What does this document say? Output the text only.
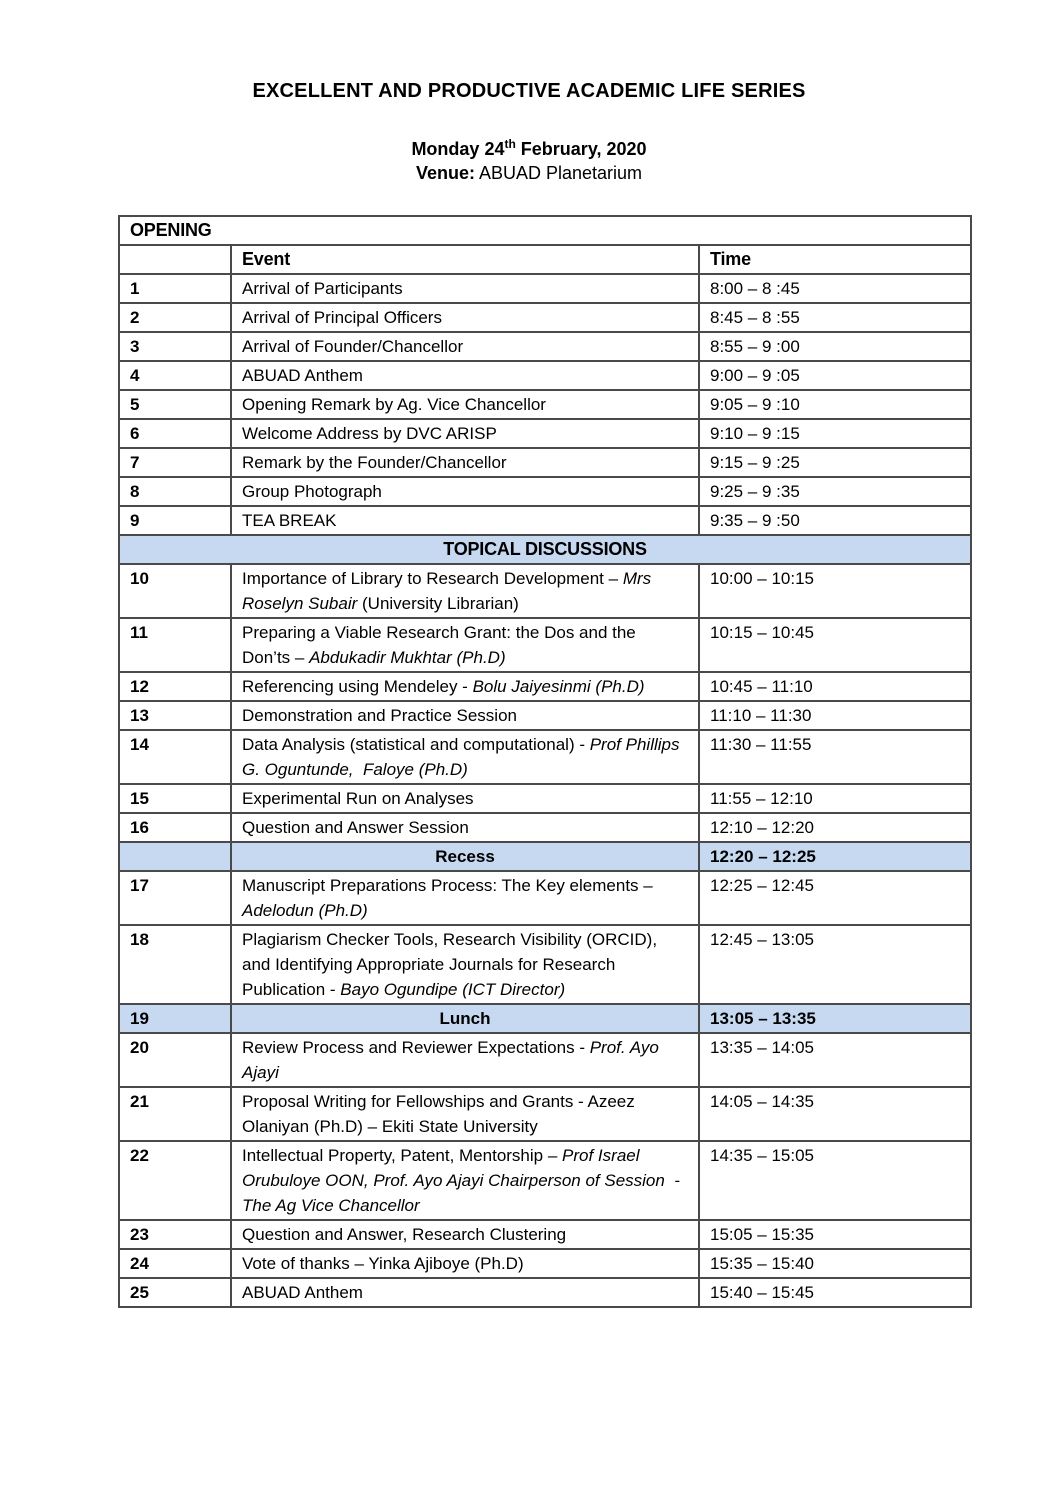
EXCELLENT AND PRODUCTIVE ACADEMIC LIFE SERIES
Monday 24th February, 2020
Venue: ABUAD Planetarium
OPENING		
	Event	Time
1	Arrival of Participants	8:00 – 8 :45
2	Arrival of Principal Officers	8:45 – 8 :55
3	Arrival of Founder/Chancellor	8:55 – 9 :00
4	ABUAD Anthem	9:00 – 9 :05
5	Opening Remark by Ag. Vice Chancellor	9:05 – 9 :10
6	Welcome Address by DVC ARISP	9:10 – 9 :15
7	Remark by the Founder/Chancellor	9:15 – 9 :25
8	Group Photograph	9:25 – 9 :35
9	TEA BREAK	9:35 – 9 :50
TOPICAL DISCUSSIONS		
10	Importance of Library to Research Development – Mrs Roselyn Subair (University Librarian)	10:00 – 10:15
11	Preparing a Viable Research Grant: the Dos and the Don’ts – Abdukadir Mukhtar (Ph.D)	10:15 – 10:45
12	Referencing using Mendeley - Bolu Jaiyesinmi (Ph.D)	10:45 – 11:10
13	Demonstration and Practice Session	11:10 – 11:30
14	Data Analysis (statistical and computational) - Prof Phillips G. Oguntunde,  Faloye (Ph.D)	11:30 – 11:55
15	Experimental Run on Analyses	11:55 – 12:10
16	Question and Answer Session	12:10 – 12:20
	Recess	12:20 – 12:25
17	Manuscript Preparations Process: The Key elements – Adelodun (Ph.D)	12:25 – 12:45
18	Plagiarism Checker Tools, Research Visibility (ORCID), and Identifying Appropriate Journals for Research Publication - Bayo Ogundipe (ICT Director)	12:45 – 13:05
19	Lunch	13:05 – 13:35
20	Review Process and Reviewer Expectations - Prof. Ayo Ajayi	13:35 – 14:05
21	Proposal Writing for Fellowships and Grants - Azeez Olaniyan (Ph.D) – Ekiti State University	14:05 – 14:35
22	Intellectual Property, Patent, Mentorship – Prof Israel Orubuloye OON, Prof. Ayo Ajayi Chairperson of Session  - The Ag Vice Chancellor	14:35 – 15:05
23	Question and Answer, Research Clustering	15:05 – 15:35
24	Vote of thanks – Yinka Ajiboye (Ph.D)	15:35 – 15:40
25	ABUAD Anthem	15:40 – 15:45
